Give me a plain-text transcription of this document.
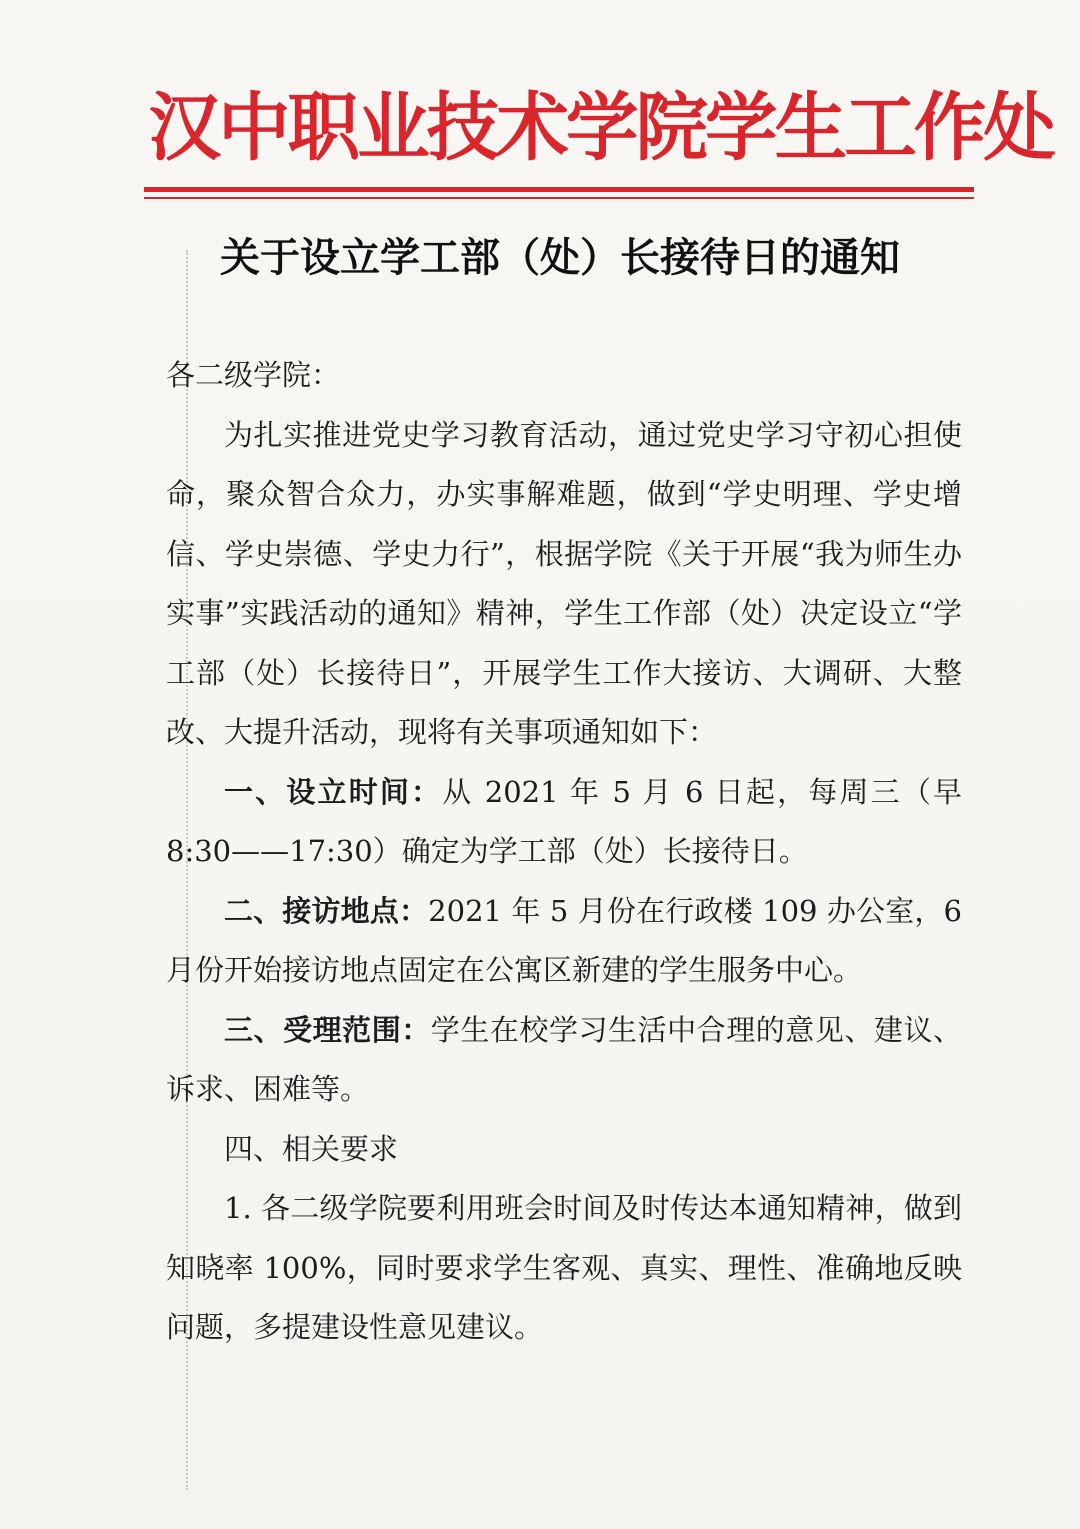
汉中职业技术学院学生工作处
关于设立学工部（处）长接待日的通知

各二级学院：

为扎实推进党史学习教育活动，通过党史学习守初心担使命，聚众智合众力，办实事解难题，做到“学史明理、学史增信、学史崇德、学史力行”，根据学院《关于开展“我为师生办实事”实践活动的通知》精神，学生工作部（处）决定设立“学工部（处）长接待日”，开展学生工作大接访、大调研、大整改、大提升活动，现将有关事项通知如下：

一、设立时间：从 2021 年 5 月 6 日起，每周三（早 8:30——17:30）确定为学工部（处）长接待日。

二、接访地点：2021 年 5 月份在行政楼 109 办公室，6 月份开始接访地点固定在公寓区新建的学生服务中心。

三、受理范围：学生在校学习生活中合理的意见、建议、诉求、困难等。

四、相关要求

1. 各二级学院要利用班会时间及时传达本通知精神，做到知晓率 100%，同时要求学生客观、真实、理性、准确地反映问题，多提建设性意见建议。
